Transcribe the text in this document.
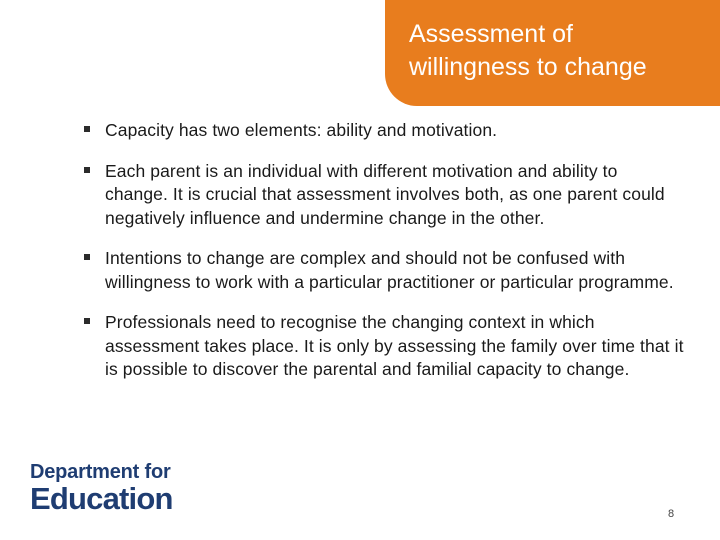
Assessment of
willingness to change
Capacity has two elements: ability and motivation.
Each parent is an individual with different motivation and ability to change. It is crucial that assessment involves both, as one parent could negatively influence and undermine change in the other.
Intentions to change are complex and should not be confused with willingness to work with a particular practitioner or particular programme.
Professionals need to recognise the changing context in which assessment takes place. It is only by assessing the family over time that it is possible to discover the parental and familial capacity to change.
Department for
Education	8
